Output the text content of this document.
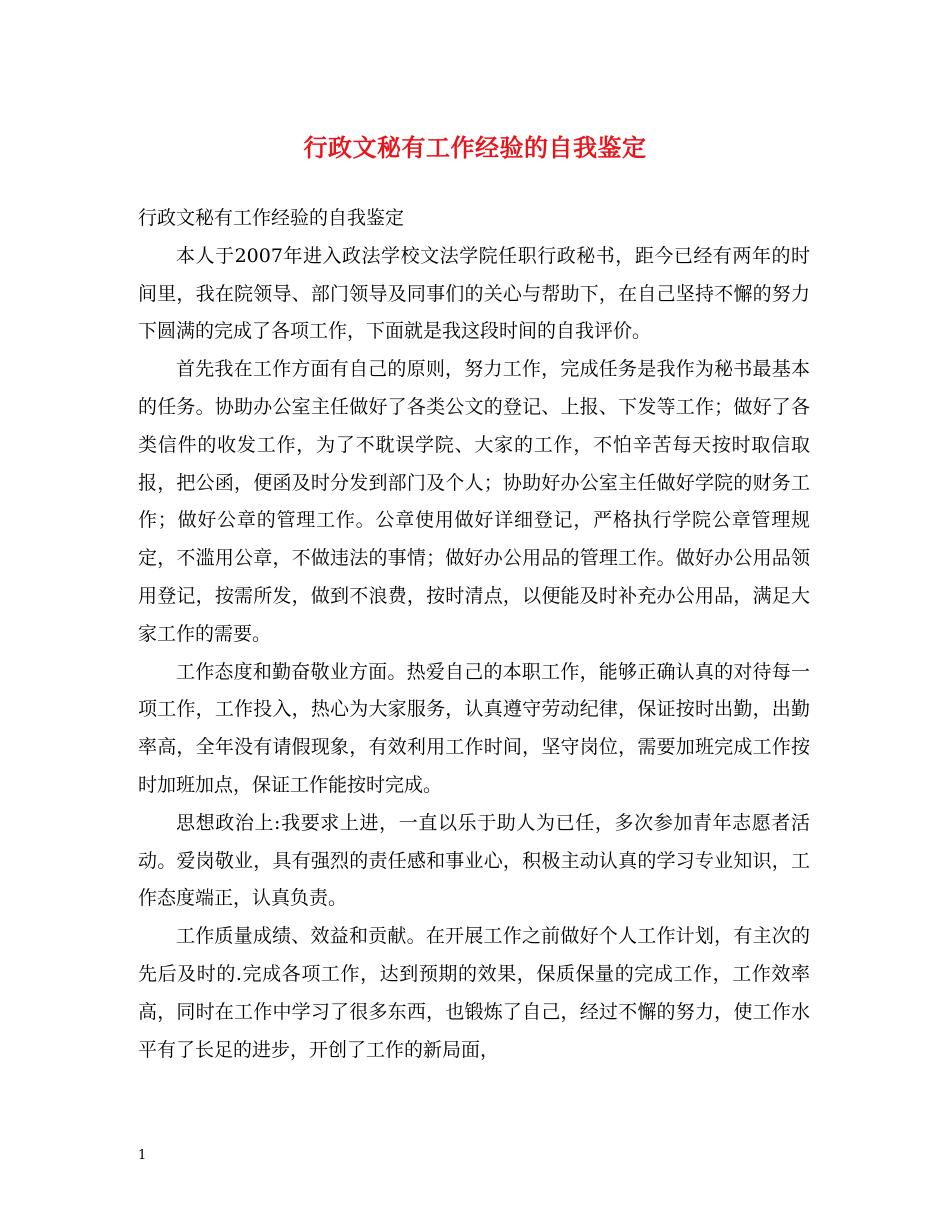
行政文秘有工作经验的自我鉴定

行政文秘有工作经验的自我鉴定

本人于2007年进入政法学校文法学院任职行政秘书，距今已经有两年的时间里，我在院领导、部门领导及同事们的关心与帮助下，在自己坚持不懈的努力下圆满的完成了各项工作，下面就是我这段时间的自我评价。

首先我在工作方面有自己的原则，努力工作，完成任务是我作为秘书最基本的任务。协助办公室主任做好了各类公文的登记、上报、下发等工作；做好了各类信件的收发工作，为了不耽误学院、大家的工作，不怕辛苦每天按时取信取报，把公函，便函及时分发到部门及个人；协助好办公室主任做好学院的财务工作；做好公章的管理工作。公章使用做好详细登记，严格执行学院公章管理规定，不滥用公章，不做违法的事情；做好办公用品的管理工作。做好办公用品领用登记，按需所发，做到不浪费，按时清点，以便能及时补充办公用品，满足大家工作的需要。

工作态度和勤奋敬业方面。热爱自己的本职工作，能够正确认真的对待每一项工作，工作投入，热心为大家服务，认真遵守劳动纪律，保证按时出勤，出勤率高，全年没有请假现象，有效利用工作时间，坚守岗位，需要加班完成工作按时加班加点，保证工作能按时完成。

思想政治上:我要求上进，一直以乐于助人为已任，多次参加青年志愿者活动。爱岗敬业，具有强烈的责任感和事业心，积极主动认真的学习专业知识，工作态度端正，认真负责。

工作质量成绩、效益和贡献。在开展工作之前做好个人工作计划，有主次的先后及时的.完成各项工作，达到预期的效果，保质保量的完成工作，工作效率高，同时在工作中学习了很多东西，也锻炼了自己，经过不懈的努力，使工作水平有了长足的进步，开创了工作的新局面，

1
